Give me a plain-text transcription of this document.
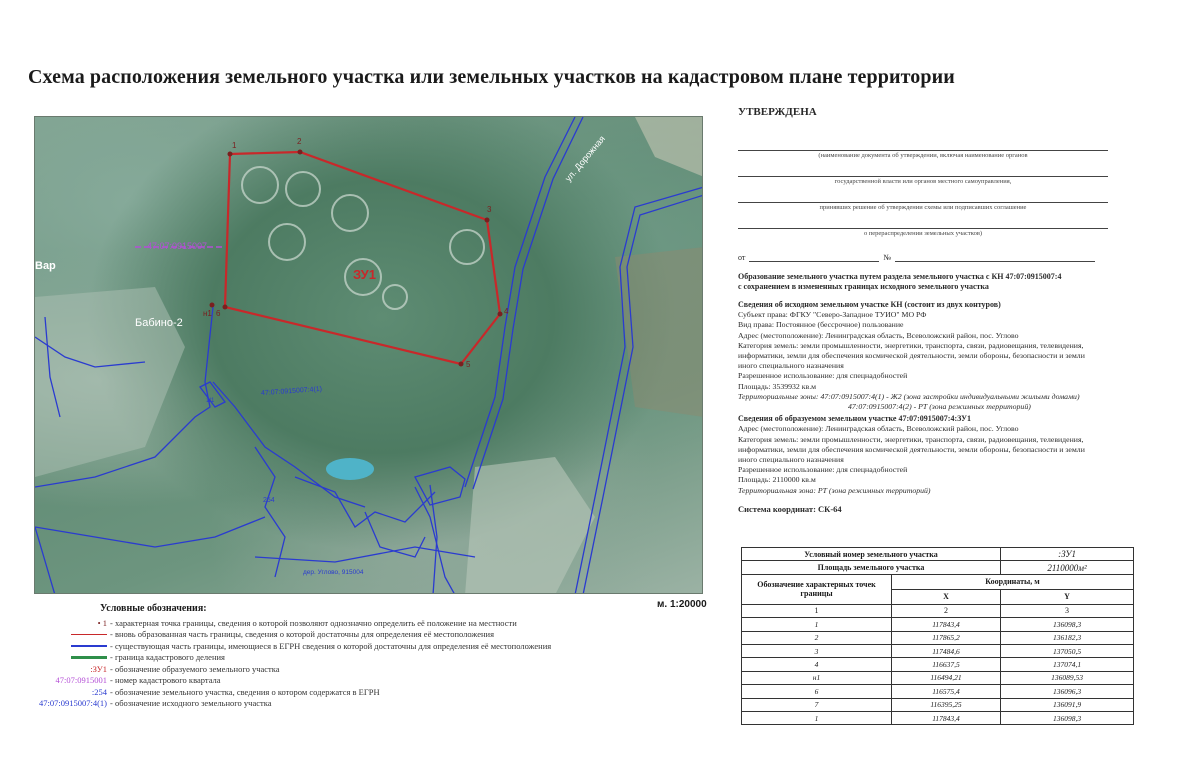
Схема расположения земельного участка или земельных участков на кадастровом плане территории
1	2
3
4
5
6
н1
ЗУ1
47:07:0915007
Бабино-2
Вар
ул. Дорожная
47:07:0915007:4(1)
254
дер. Углово, 915004
1/1
м. 1:20000
Условные обозначения:
• 1 - характерная точка границы, сведения о которой позволяют однозначно определить её положение на местности
- вновь образованная часть границы, сведения о которой достаточны для определения её местоположения
- существующая часть границы, имеющиеся в ЕГРН сведения о которой достаточны для определения её местоположения
- граница кадастрового деления
:ЗУ1 - обозначение образуемого земельного участка
47:07:0915001 - номер кадастрового квартала
:254 - обозначение земельного участка, сведения о котором содержатся в ЕГРН
47:07:0915007:4(1) - обозначение исходного земельного участка
УТВЕРЖДЕНА
(наименование документа об утверждении, включая наименование органов
государственной власти или органов местного самоуправления,
принявших решение об утверждении схемы или подписавших соглашение
о перераспределении земельных участков)
от	№
Образование земельного участка путем раздела земельного участка с КН 47:07:0915007:4
с сохранением в измененных границах исходного земельного участка
Сведения об исходном земельном участке КН (состоит из двух контуров)
Субъект права: ФГКУ "Северо-Западное ТУИО" МО РФ
Вид права: Постоянное (бессрочное) пользование
Адрес (местоположение): Ленинградская область, Всеволожский район, пос. Углово
Категория земель: земли промышленности, энергетики, транспорта, связи, радиовещания, телевидения,
информатики, земли для обеспечения космической деятельности, земли обороны, безопасности и земли
иного специального назначения
Разрешенное использование: для спецнадобностей
Площадь: 3539932 кв.м
Территориальные зоны: 47:07:0915007:4(1) - Ж2 (зона застройки индивидуальными жилыми домами)
47:07:0915007:4(2) - РТ (зона режимных территорий)
Сведения об образуемом земельном участке 47:07:0915007:4:ЗУ1
Адрес (местоположение): Ленинградская область, Всеволожский район, пос. Углово
Категория земель: земли промышленности, энергетики, транспорта, связи, радиовещания, телевидения,
информатики, земли для обеспечения космической деятельности, земли обороны, безопасности и земли
иного специального назначения
Разрешенное использование: для спецнадобностей
Площадь: 2110000 кв.м
Территориальная зона: РТ (зона режимных территорий)
Система координат: СК-64
Условный номер земельного участка		:ЗУ1
Площадь земельного участка		2110000м²
Обозначение характерных точек границы	Координаты, м	
	X	Y
1	2	3
1	117843,4	136098,3
2	117865,2	136182,3
3	117484,6	137050,5
4	116637,5	137074,1
н1	116494,21	136089,53
6	116575,4	136096,3
7	116395,25	136091,9
1	117843,4	136098,3
